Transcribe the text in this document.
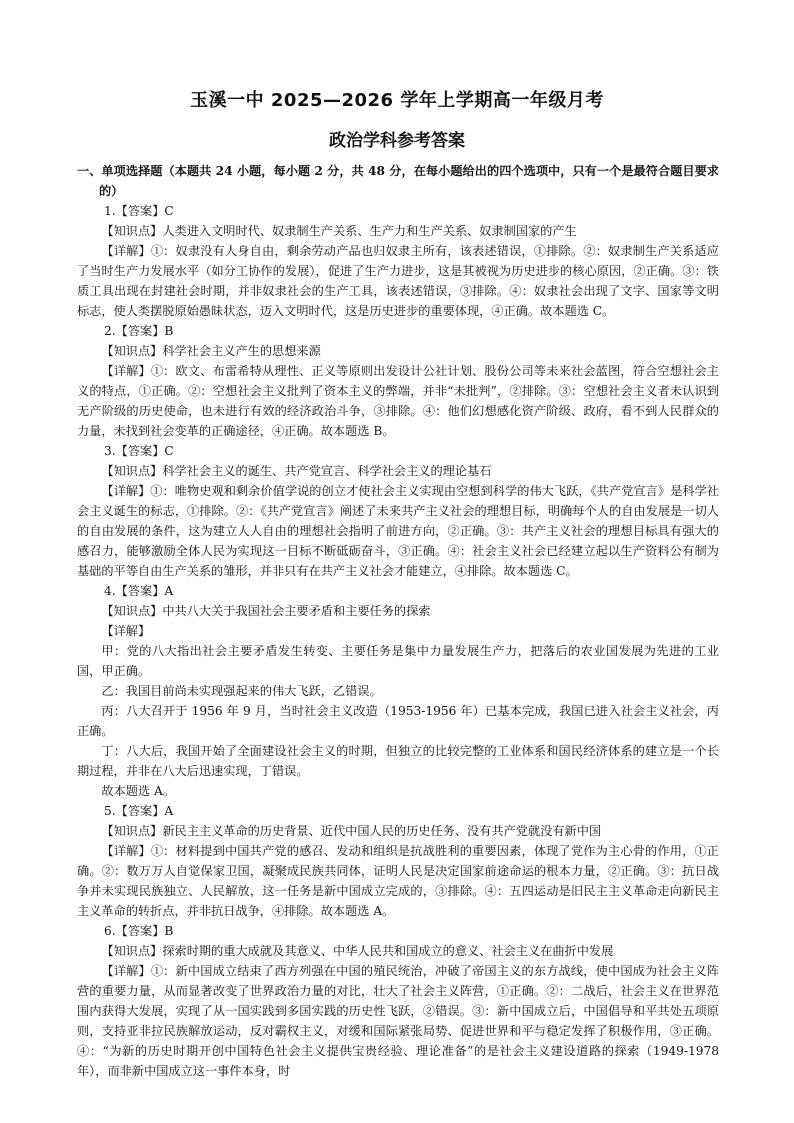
玉溪一中 2025—2026 学年上学期高一年级月考
政治学科参考答案

一、单项选择题（本题共 24 小题，每小题 2 分，共 48 分，在每小题给出的四个选项中，只有一个是最符合题目要求的）

1.【答案】C

【知识点】人类进入文明时代、奴隶制生产关系、生产力和生产关系、奴隶制国家的产生

【详解】①：奴隶没有人身自由，剩余劳动产品也归奴隶主所有，该表述错误，①排除。②：奴隶制生产关系适应了当时生产力发展水平（如分工协作的发展），促进了生产力进步，这是其被视为历史进步的核心原因，②正确。③：铁质工具出现在封建社会时期，并非奴隶社会的生产工具，该表述错误，③排除。④：奴隶社会出现了文字、国家等文明标志，使人类摆脱原始愚昧状态，迈入文明时代，这是历史进步的重要体现，④正确。故本题选 C。

2.【答案】B

【知识点】科学社会主义产生的思想来源

【详解】①：欧文、布雷希特从理性、正义等原则出发设计公社计划、股份公司等未来社会蓝图，符合空想社会主义的特点，①正确。②：空想社会主义批判了资本主义的弊端，并非“未批判”，②排除。③：空想社会主义者未认识到无产阶级的历史使命，也未进行有效的经济政治斗争，③排除。④：他们幻想感化资产阶级、政府，看不到人民群众的力量，未找到社会变革的正确途径，④正确。故本题选 B。

3.【答案】C

【知识点】科学社会主义的诞生、共产党宣言、科学社会主义的理论基石

【详解】①：唯物史观和剩余价值学说的创立才使社会主义实现由空想到科学的伟大飞跃，《共产党宣言》是科学社会主义诞生的标志，①排除。②：《共产党宣言》阐述了未来共产主义社会的理想目标，明确每个人的自由发展是一切人的自由发展的条件，这为建立人人自由的理想社会指明了前进方向，②正确。③：共产主义社会的理想目标具有强大的感召力，能够激励全体人民为实现这一目标不断砥砺奋斗，③正确。④：社会主义社会已经建立起以生产资料公有制为基础的平等自由生产关系的雏形，并非只有在共产主义社会才能建立，④排除。故本题选 C。

4.【答案】A

【知识点】中共八大关于我国社会主要矛盾和主要任务的探索

【详解】

甲：党的八大指出社会主要矛盾发生转变、主要任务是集中力量发展生产力，把落后的农业国发展为先进的工业国，甲正确。

乙：我国目前尚未实现强起来的伟大飞跃，乙错误。

丙：八大召开于 1956 年 9 月，当时社会主义改造（1953-1956 年）已基本完成，我国已进入社会主义社会，丙正确。

丁：八大后，我国开始了全面建设社会主义的时期，但独立的比较完整的工业体系和国民经济体系的建立是一个长期过程，并非在八大后迅速实现，丁错误。

故本题选 A。

5.【答案】A

【知识点】新民主主义革命的历史背景、近代中国人民的历史任务、没有共产党就没有新中国

【详解】①：材料提到中国共产党的感召、发动和组织是抗战胜利的重要因素，体现了党作为主心骨的作用，①正确。②：数万万人自觉保家卫国，凝聚成民族共同体，证明人民是决定国家前途命运的根本力量，②正确。③：抗日战争并未实现民族独立、人民解放，这一任务是新中国成立完成的，③排除。④：五四运动是旧民主主义革命走向新民主主义革命的转折点，并非抗日战争，④排除。故本题选 A。

6.【答案】B

【知识点】探索时期的重大成就及其意义、中华人民共和国成立的意义、社会主义在曲折中发展

【详解】①：新中国成立结束了西方列强在中国的殖民统治，冲破了帝国主义的东方战线，使中国成为社会主义阵营的重要力量，从而显著改变了世界政治力量的对比，壮大了社会主义阵营，①正确。②：二战后，社会主义在世界范围内获得大发展，实现了从一国实践到多国实践的历史性飞跃，②错误。③：新中国成立后，中国倡导和平共处五项原则，支持亚非拉民族解放运动，反对霸权主义，对缓和国际紧张局势、促进世界和平与稳定发挥了积极作用，③正确。④：“为新的历史时期开创中国特色社会主义提供宝贵经验、理论准备”的是社会主义建设道路的探索（1949-1978 年），而非新中国成立这一事件本身，时
